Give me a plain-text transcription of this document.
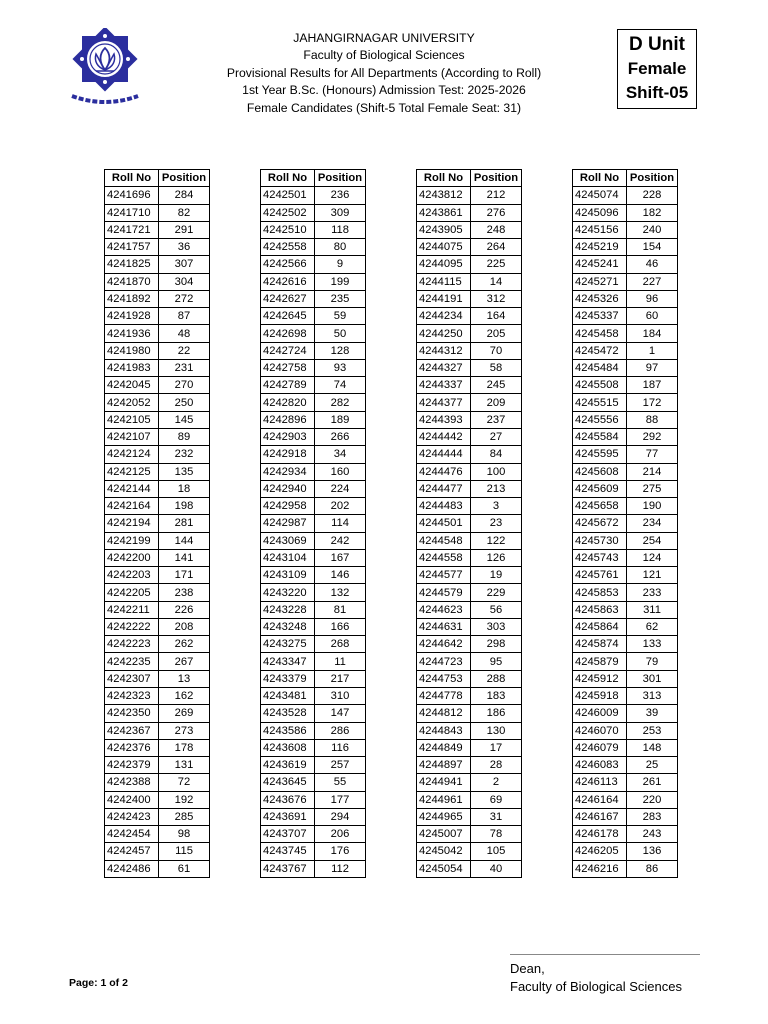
JAHANGIRNAGAR UNIVERSITY
Faculty of Biological Sciences
Provisional Results for All Departments (According to Roll)
1st Year B.Sc. (Honours) Admission Test: 2025-2026
Female Candidates (Shift-5 Total Female Seat: 31)
D Unit
Female
Shift-05
Roll No	Position
4241696	284
4241710	82
4241721	291
4241757	36
4241825	307
4241870	304
4241892	272
4241928	87
4241936	48
4241980	22
4241983	231
4242045	270
4242052	250
4242105	145
4242107	89
4242124	232
4242125	135
4242144	18
4242164	198
4242194	281
4242199	144
4242200	141
4242203	171
4242205	238
4242211	226
4242222	208
4242223	262
4242235	267
4242307	13
4242323	162
4242350	269
4242367	273
4242376	178
4242379	131
4242388	72
4242400	192
4242423	285
4242454	98
4242457	115
4242486	61
Roll No	Position
4242501	236
4242502	309
4242510	118
4242558	80
4242566	9
4242616	199
4242627	235
4242645	59
4242698	50
4242724	128
4242758	93
4242789	74
4242820	282
4242896	189
4242903	266
4242918	34
4242934	160
4242940	224
4242958	202
4242987	114
4243069	242
4243104	167
4243109	146
4243220	132
4243228	81
4243248	166
4243275	268
4243347	11
4243379	217
4243481	310
4243528	147
4243586	286
4243608	116
4243619	257
4243645	55
4243676	177
4243691	294
4243707	206
4243745	176
4243767	112
Roll No	Position
4243812	212
4243861	276
4243905	248
4244075	264
4244095	225
4244115	14
4244191	312
4244234	164
4244250	205
4244312	70
4244327	58
4244337	245
4244377	209
4244393	237
4244442	27
4244444	84
4244476	100
4244477	213
4244483	3
4244501	23
4244548	122
4244558	126
4244577	19
4244579	229
4244623	56
4244631	303
4244642	298
4244723	95
4244753	288
4244778	183
4244812	186
4244843	130
4244849	17
4244897	28
4244941	2
4244961	69
4244965	31
4245007	78
4245042	105
4245054	40
Roll No	Position
4245074	228
4245096	182
4245156	240
4245219	154
4245241	46
4245271	227
4245326	96
4245337	60
4245458	184
4245472	1
4245484	97
4245508	187
4245515	172
4245556	88
4245584	292
4245595	77
4245608	214
4245609	275
4245658	190
4245672	234
4245730	254
4245743	124
4245761	121
4245853	233
4245863	311
4245864	62
4245874	133
4245879	79
4245912	301
4245918	313
4246009	39
4246070	253
4246079	148
4246083	25
4246113	261
4246164	220
4246167	283
4246178	243
4246205	136
4246216	86
Page: 1 of 2
Dean,
Faculty of Biological Sciences
